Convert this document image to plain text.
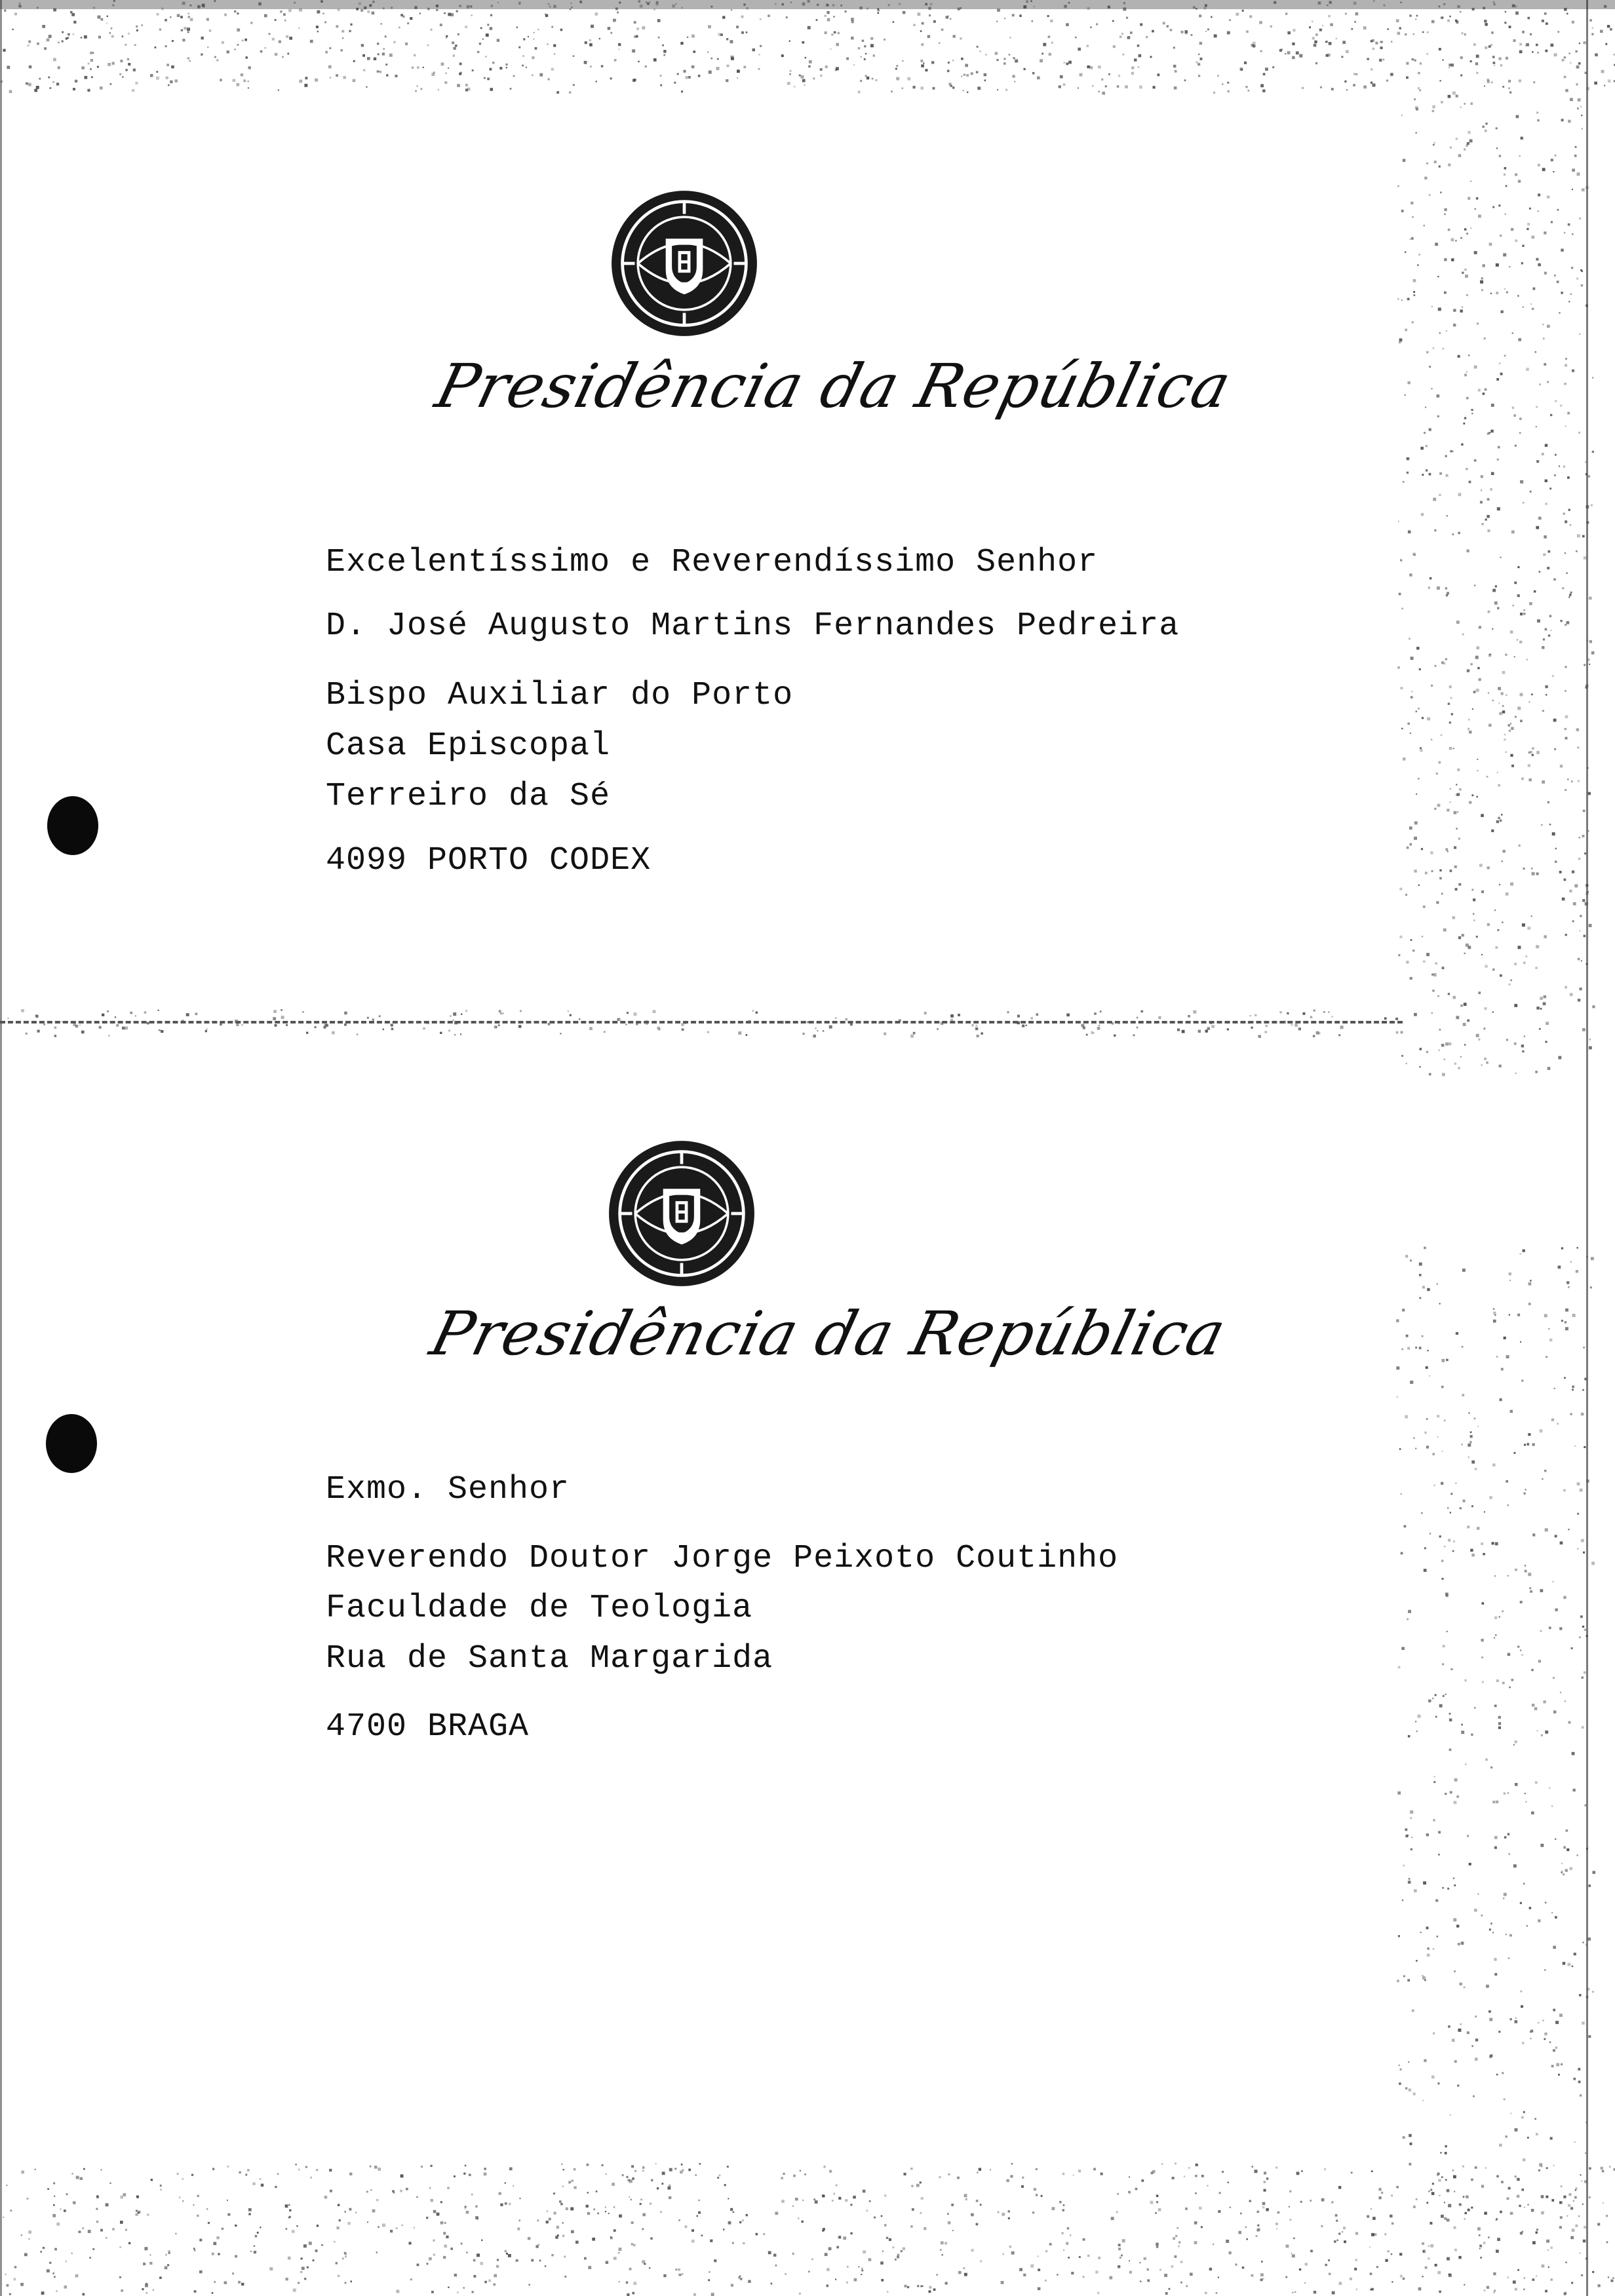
Presidência da República
Excelentíssimo e Reverendíssimo Senhor
D. José Augusto Martins Fernandes Pedreira
Bispo Auxiliar do Porto
Casa Episcopal
Terreiro da Sé
4099 PORTO CODEX
Presidência da República
Exmo. Senhor
Reverendo Doutor Jorge Peixoto Coutinho
Faculdade de Teologia
Rua de Santa Margarida
4700 BRAGA
